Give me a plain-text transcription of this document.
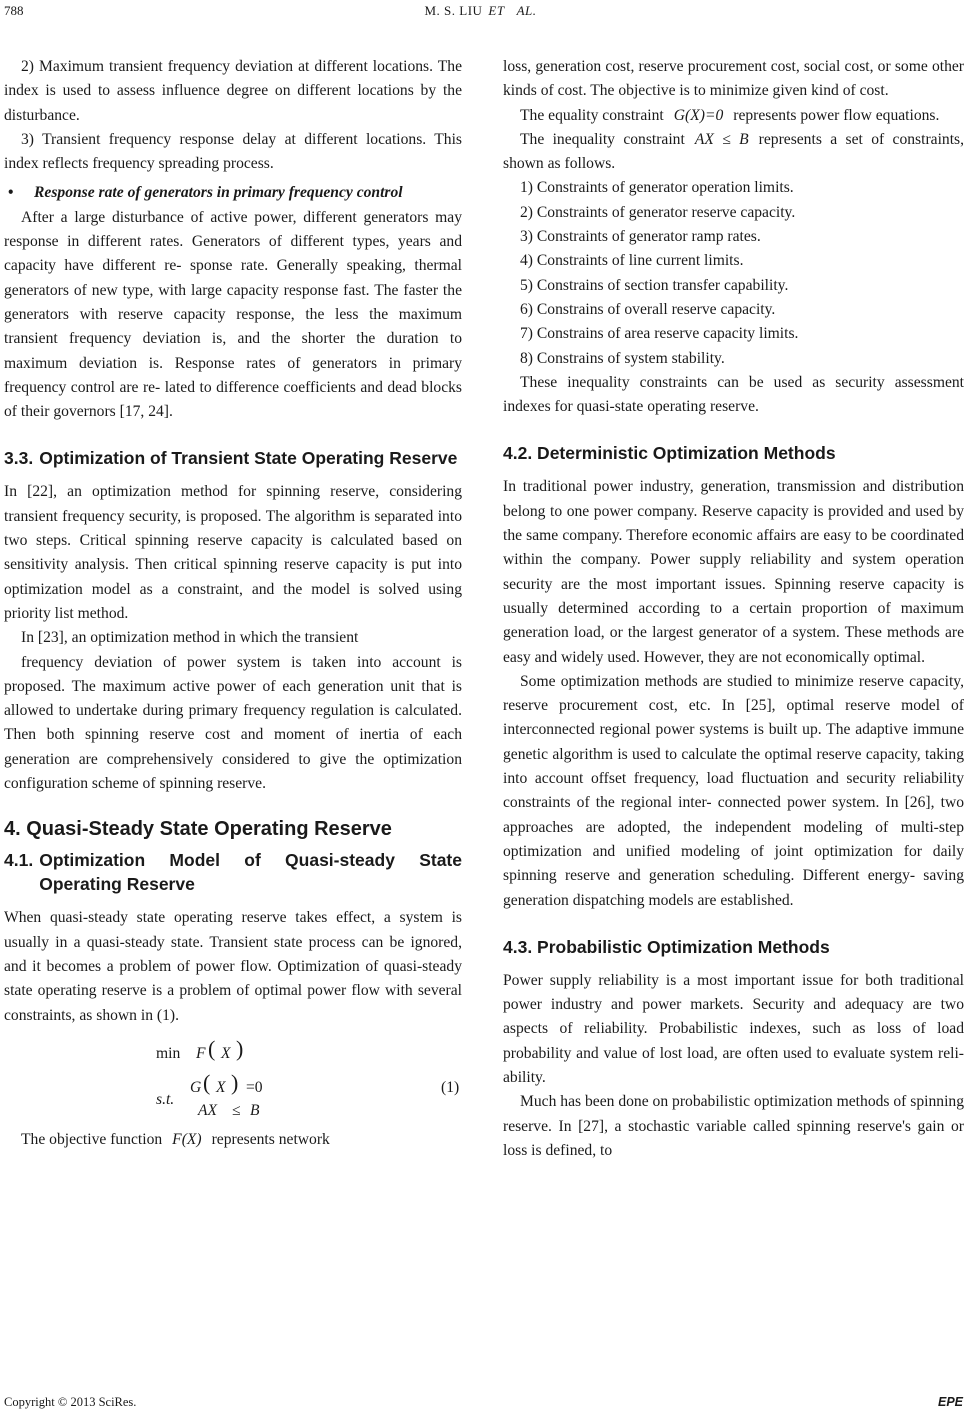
788	M. S. LIU ET AL.

2) Maximum transient frequency deviation at different locations. The index is used to assess influence degree on different locations by the disturbance.

3) Transient frequency response delay at different locations. This index reflects frequency spreading process.

•	Response rate of generators in primary frequency control

After a large disturbance of active power, different generators may response in different rates. Generators of different types, years and capacity have different re- sponse rate. Generally speaking, thermal generators of new type, with large capacity response fast. The faster the generators with reserve capacity response, the less the maximum transient frequency deviation is, and the shorter the duration to maximum deviation is. Response rates of generators in primary frequency control are re- lated to difference coefficients and dead blocks of their governors [17, 24].

3.3. Optimization of Transient State Operating Reserve

In [22], an optimization method for spinning reserve, considering transient frequency security, is proposed. The algorithm is separated into two steps. Critical spinning reserve capacity is calculated based on sensitivity analysis. Then critical spinning reserve capacity is put into optimization model as a constraint, and the model is solved using priority list method.

In [23], an optimization method in which the transient

frequency deviation of power system is taken into account is proposed. The maximum active power of each generation unit that is allowed to undertake during primary frequency regulation is calculated. Then both spinning reserve cost and moment of inertia of each generation are comprehensively considered to give the optimization configuration scheme of spinning reserve.

4. Quasi-Steady State Operating Reserve
4.1. Optimization Model of Quasi-steady State Operating Reserve

When quasi-steady state operating reserve takes effect, a system is usually in a quasi-steady state. Transient state process can be ignored, and it becomes a problem of power flow. Optimization of quasi-steady state operating reserve is a problem of optimal power flow with several constraints, as shown in (1).

min F ( X )
s.t.
G ( X ) =0
AX ≤ B
(1)

The objective function F(X) represents network

loss, generation cost, reserve procurement cost, social cost, or some other kinds of cost. The objective is to minimize given kind of cost.

The equality constraint G(X)=0 represents power flow equations.

The inequality constraint AX ≤ B represents a set of constraints, shown as follows.

1) Constraints of generator operation limits.

2) Constraints of generator reserve capacity.

3) Constraints of generator ramp rates.

4) Constraints of line current limits.

5) Constrains of section transfer capability.

6) Constrains of overall reserve capacity.

7) Constrains of area reserve capacity limits.

8) Constrains of system stability.

These inequality constraints can be used as security assessment indexes for quasi-state operating reserve.

4.2. Deterministic Optimization Methods

In traditional power industry, generation, transmission and distribution belong to one power company. Reserve capacity is provided and used by the same company. Therefore economic affairs are easy to be coordinated within the company. Power supply reliability and system operation security are the most important issues. Spinning reserve capacity is usually determined according to a certain proportion of maximum generation load, or the largest generator of a system. These methods are easy and widely used. However, they are not economically optimal.

Some optimization methods are studied to minimize reserve capacity, reserve procurement cost, etc. In [25], optimal reserve model of interconnected regional power systems is built up. The adaptive immune genetic algorithm is used to calculate the optimal reserve capacity, taking into account offset frequency, load fluctuation and security reliability constraints of the regional inter- connected power system. In [26], two approaches are adopted, the independent modeling of multi-step optimization and unified modeling of joint optimization for daily spinning reserve and generation scheduling. Different energy- saving generation dispatching models are established.

4.3. Probabilistic Optimization Methods

Power supply reliability is a most important issue for both traditional power industry and power markets. Security and adequacy are two aspects of reliability. Probabilistic indexes, such as loss of load probability and value of lost load, are often used to evaluate system reli- ability.

Much has been done on probabilistic optimization methods of spinning reserve. In [27], a stochastic variable called spinning reserve's gain or loss is defined, to

Copyright © 2013 SciRes.	EPE
